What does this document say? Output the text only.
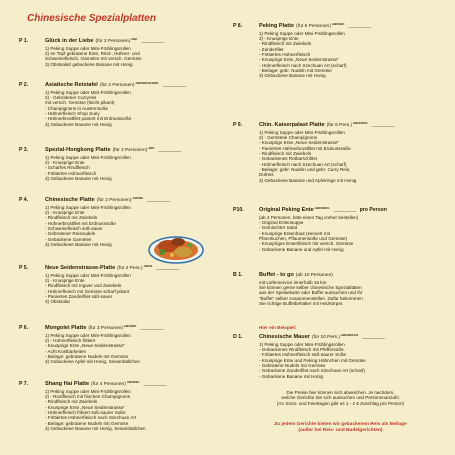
Chinesische Spezialplatten
P 1.	Glück in der Liebe (für 2 Personen) ABF _________
1) Peking Suppe oder Mini-Frühlingsrollen
2) Im Topf gebratene Ente, Rind-, Hühner- und
Schweinefleisch, Garnelen mit versch. Gemüse
3) Obstsalat/ gebackene Banane mit Honig
P 2.	Asiatische Reistafel (für 2 Personen) ABCDEFGHIJKL _________
1) Peking Suppe oder Mini-Frühlingsrollen
2) - Gebratener Curryreis
mit versch. Gemüse (leicht pikant)
- Champignons in Austernsoße
- Hühnerfleisch Shop Suey
- Hühnerbrustfilet paniert mit Erdnusssoße
3) Gebackene Banane mit Honig
P 3.	Spezial-Hongkong Platte (für 2 Personen) ABF _________
1) Peking Suppe oder Mini-Frühlingsrollen
2) - Knusprige Ente
- Scharfes Rindfleisch
- Frittiertes Hühnerfleisch
3) Gebackene Banane mit Honig
P 4.	Chinesische Platte (für 2 Personen) ABCDE _________
1) Peking Suppe oder Mini-Frühlingsrollen
2) - Knusprige Ente
- Rindfleisch mit Zwiebeln
- Hühnerbrustfilet mit Erdnusssoße
- Schweinefleisch süß-sauer
- Gebratener Reisnudeln
- Gebackene Garnelen
3) Gebackene Banane mit Honig
P 5.	Neue Seidenstrasse-Platte (für 2 Pers.) ABCD _________
1) Peking Suppe oder Mini-Frühlingsrollen
2) - Knusprige Ente
- Rindfleisch mit Ingwer und Zwiebeln
- Hühnerfleisch mit Gemüse scharf pikant
- Paniertes Zanderfilet süß-sauer
3) Obstsalat
P 6.	Mongolei Platte (für 3 Personen) ABCDEF _________
1) Peking Suppe oder Mini-Frühlingsrollen
2) - Hühnerfleisch frittiert
- Knusprige Ente „Neue Seidenstrasse"
- Acht Kostbarkeiten
- Beilage: gebratene Nudeln mit Gemüse
3) Gebackene Apfel mit Honig, Sesambällchen
P 7.	Shang Hai Platte (für 4 Personen) ABCDEF _________
1) Peking Suppe oder Mini-Frühlingsrollen
2) - Rindfleisch mit frischen Champignons
- Rindfleisch mit Zwiebeln
- Knusprige Ente „Neue Seidenstrasse"
- Hühnerfleisch frittiert süß-saurer Soße
- Frittiertes Hühnerfleisch nach Szechuan Art
- Beilage: gebratene Nudeln mit Gemüse
3) Gebackene Banane mit Honig, Sesambällchen
P 8.	Peking Platte (für 5 Personen) ABCDEF _________
1) Peking Suppe oder Mini-Frühlingsrollen
2) - Knusprige Ente
- Rindfleisch mit Zwiebeln
- Zanderfilet
- Frittiertes Hühnerfleisch
- Knusprige Ente „Neue Seidenstrasse"
- Hühnerfleisch nach Szechuan Art (scharf)
- Beilage: gebr. Nudeln mit Gemüse
3) Gebackene Banane mit Honig
P 9.	Chin. Kaiserpalast Platte (für 6 Pers.) ABCDEFG _________
1) Peking Suppe oder Mini-Frühlingsrollen
2) - Geröstete Champignons
- Knusprige Ente „Neue Seidenstrasse"
- Paniertes Hühnerbrustfilet mit Erdnusssoße
- Rindfleisch mit Zwiebeln
- Gebackenes Rotbarschfilet
- Hühnerfleisch nach Szechuan Art (scharf)
- Beilage: gebr. Nudeln und gebr. Curry Reis,
Dufreis
3) Gebackene Banane und Apfelringe mit Honig
P10.	Original Peking Ente ABCDEFG _________ pro Person
(ab 4 Personen, bitte einen Tag vorher bestellen)
- Original Entensuppe
- Gemischter Salat
- Knusprige Entenhaut (serviert mit
Pfannkuchen, Pflaumensoße und Gemüse)
- Knuspriges Entenfleisch mit versch. Gemüse
- Gebackene Banane und Apfel mit Honig
B 1.	Buffet - to go (ab 10 Personen)
mit Lieferservice innerhalb 15 km
Sie können gerne selber chinesische Spezialitäten
aus der Speisekarte oder Buffet aussuchen und Ihr
"Buffet" selber zusammenstellen. Dafür bekommen
Sie richtige Buffetbehälter mit Heizkörper.
Hier ein Beispiel:
D 1.	Chinesische Mauer (für 10 Pers.) ABCDEFGH _________
1) Peking Suppe oder Mini-Frühlingsrollen
- Gebackenes Rindfleisch mit Pfeffersoße
- Frittiertes Hühnerfleisch süß-saurer Soße
- Knusprige Ente und Peking Hähnchen mit Gemüse
- Gebratene Nudeln mit Gemüse
- Gebackene Zanderfilet nach Szechuan Art (scharf)
- Gebackene Banane mit Honig
Die Preise hier können sich abweichen. Je nachdem,
welche Gerichte Sie sich aussuchen und Personenanzahl.
(An Sonn- und Feiertagen gibt es 1 - 2 € Zuschlag pro Person)
Zu jedem Gerichte bieten wir gebackenen Reis als Beilage
(außer bei Reis- und Nudelgerichten)
